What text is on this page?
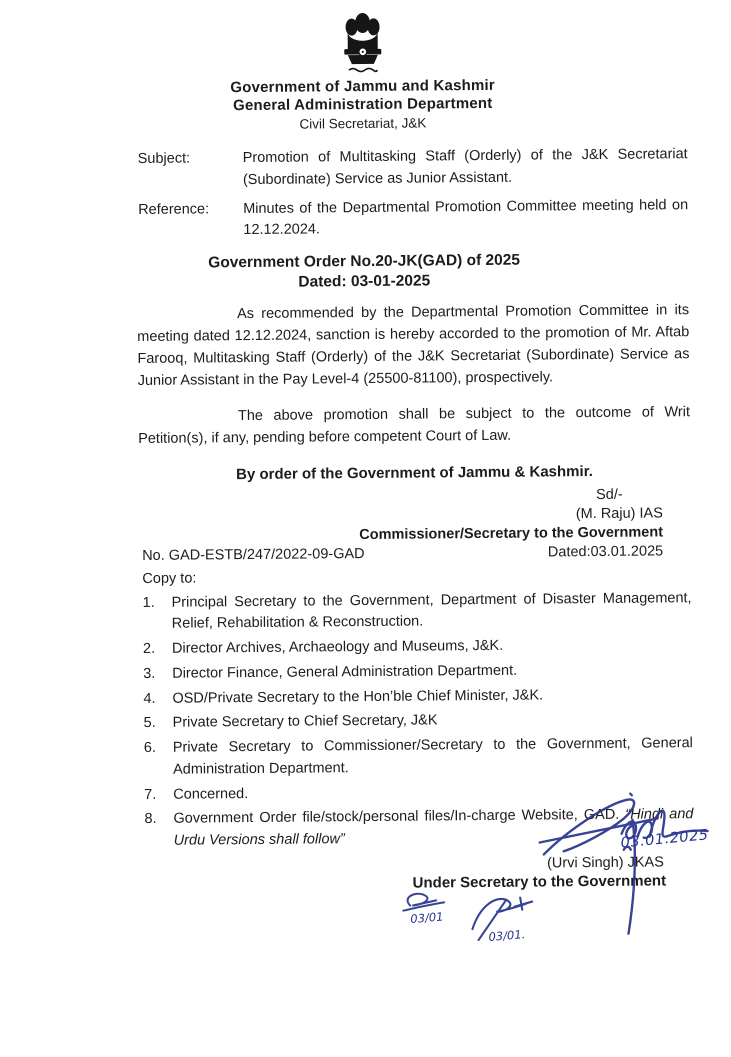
Government of Jammu and Kashmir
General Administration Department
Civil Secretariat, J&K
Subject:	Promotion of Multitasking Staff (Orderly) of the J&K Secretariat (Subordinate) Service as Junior Assistant.
Reference:	Minutes of the Departmental Promotion Committee meeting held on 12.12.2024.
Government Order No.20-JK(GAD) of 2025
Dated: 03-01-2025

As recommended by the Departmental Promotion Committee in its meeting dated 12.12.2024, sanction is hereby accorded to the promotion of Mr. Aftab Farooq, Multitasking Staff (Orderly) of the J&K Secretariat (Subordinate) Service as Junior Assistant in the Pay Level-4 (25500-81100), prospectively.

The above promotion shall be subject to the outcome of Writ Petition(s), if any, pending before competent Court of Law.

By order of the Government of Jammu & Kashmir.
Sd/-
(M. Raju) IAS
Commissioner/Secretary to the Government
No. GAD-ESTB/247/2022-09-GAD	Dated:03.01.2025
Copy to:
1.	Principal Secretary to the Government, Department of Disaster Management, Relief, Rehabilitation & Reconstruction.
2.	Director Archives, Archaeology and Museums, J&K.
3.	Director Finance, General Administration Department.
4.	OSD/Private Secretary to the Hon’ble Chief Minister, J&K.
5.	Private Secretary to Chief Secretary, J&K
6.	Private Secretary to Commissioner/Secretary to the Government, General Administration Department.
7.	Concerned.
8.	Government Order file/stock/personal files/In-charge Website, GAD. “Hindi and Urdu Versions shall follow”	03.01.2025
(Urvi Singh) JKAS
Under Secretary to the Government
03/01
03/01.
